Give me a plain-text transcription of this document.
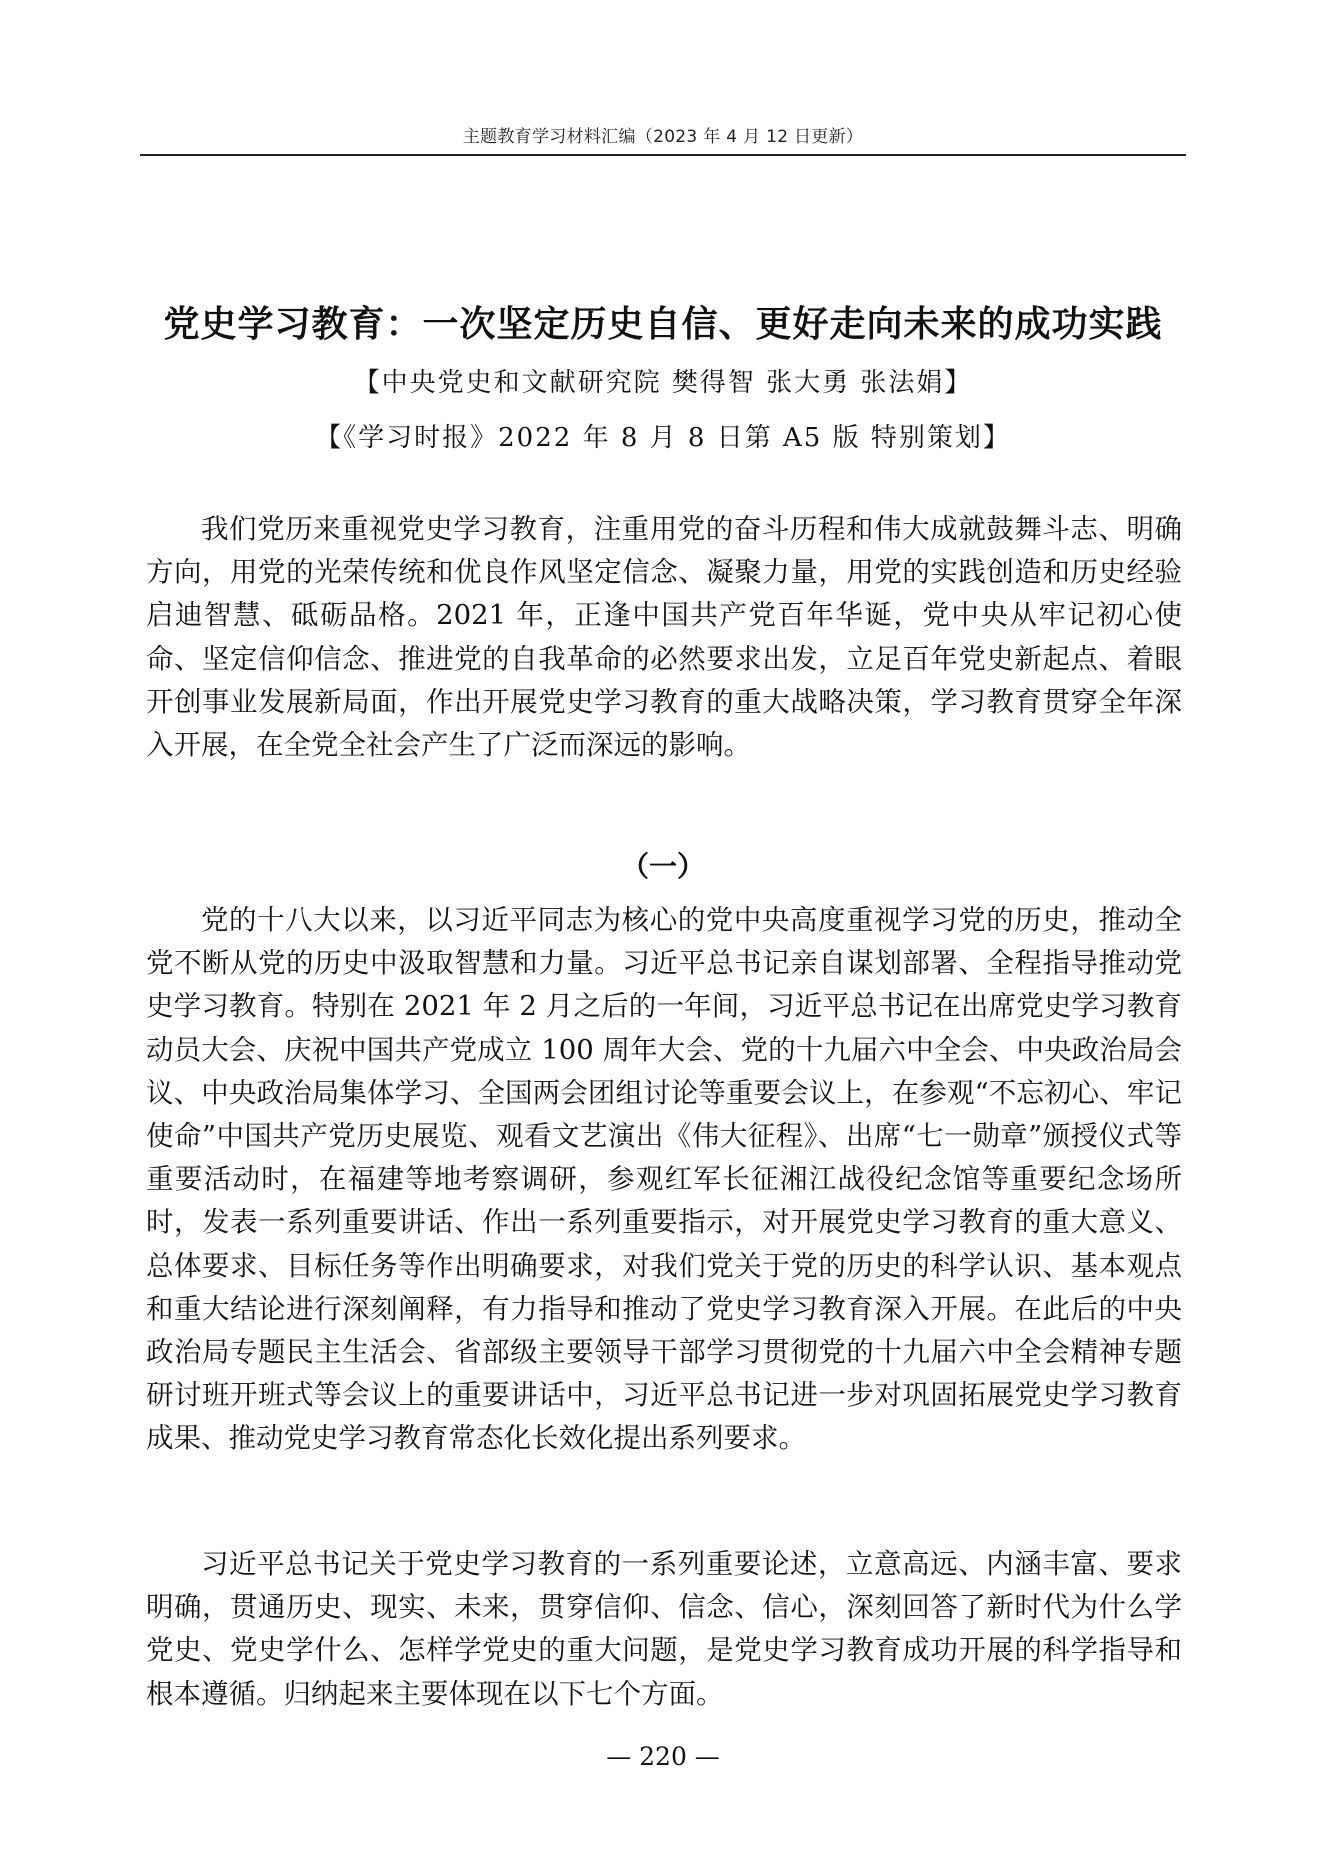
主题教育学习材料汇编（2023 年 4 月 12 日更新）
党史学习教育：一次坚定历史自信、更好走向未来的成功实践
【中央党史和文献研究院 樊得智 张大勇 张法娟】
【《学习时报》2022 年 8 月 8 日第 A5 版 特别策划】

我们党历来重视党史学习教育，注重用党的奋斗历程和伟大成就鼓舞斗志、明确方向，用党的光荣传统和优良作风坚定信念、凝聚力量，用党的实践创造和历史经验启迪智慧、砥砺品格。2021 年，正逢中国共产党百年华诞，党中央从牢记初心使命、坚定信仰信念、推进党的自我革命的必然要求出发，立足百年党史新起点、着眼开创事业发展新局面，作出开展党史学习教育的重大战略决策，学习教育贯穿全年深入开展，在全党全社会产生了广泛而深远的影响。

（一）

党的十八大以来，以习近平同志为核心的党中央高度重视学习党的历史，推动全党不断从党的历史中汲取智慧和力量。习近平总书记亲自谋划部署、全程指导推动党史学习教育。特别在 2021 年 2 月之后的一年间，习近平总书记在出席党史学习教育动员大会、庆祝中国共产党成立 100 周年大会、党的十九届六中全会、中央政治局会议、中央政治局集体学习、全国两会团组讨论等重要会议上，在参观“不忘初心、牢记使命”中国共产党历史展览、观看文艺演出《伟大征程》、出席“七一勋章”颁授仪式等重要活动时，在福建等地考察调研，参观红军长征湘江战役纪念馆等重要纪念场所时，发表一系列重要讲话、作出一系列重要指示，对开展党史学习教育的重大意义、总体要求、目标任务等作出明确要求，对我们党关于党的历史的科学认识、基本观点和重大结论进行深刻阐释，有力指导和推动了党史学习教育深入开展。在此后的中央政治局专题民主生活会、省部级主要领导干部学习贯彻党的十九届六中全会精神专题研讨班开班式等会议上的重要讲话中，习近平总书记进一步对巩固拓展党史学习教育成果、推动党史学习教育常态化长效化提出系列要求。

习近平总书记关于党史学习教育的一系列重要论述，立意高远、内涵丰富、要求明确，贯通历史、现实、未来，贯穿信仰、信念、信心，深刻回答了新时代为什么学党史、党史学什么、怎样学党史的重大问题，是党史学习教育成功开展的科学指导和根本遵循。归纳起来主要体现在以下七个方面。

— 220 —
